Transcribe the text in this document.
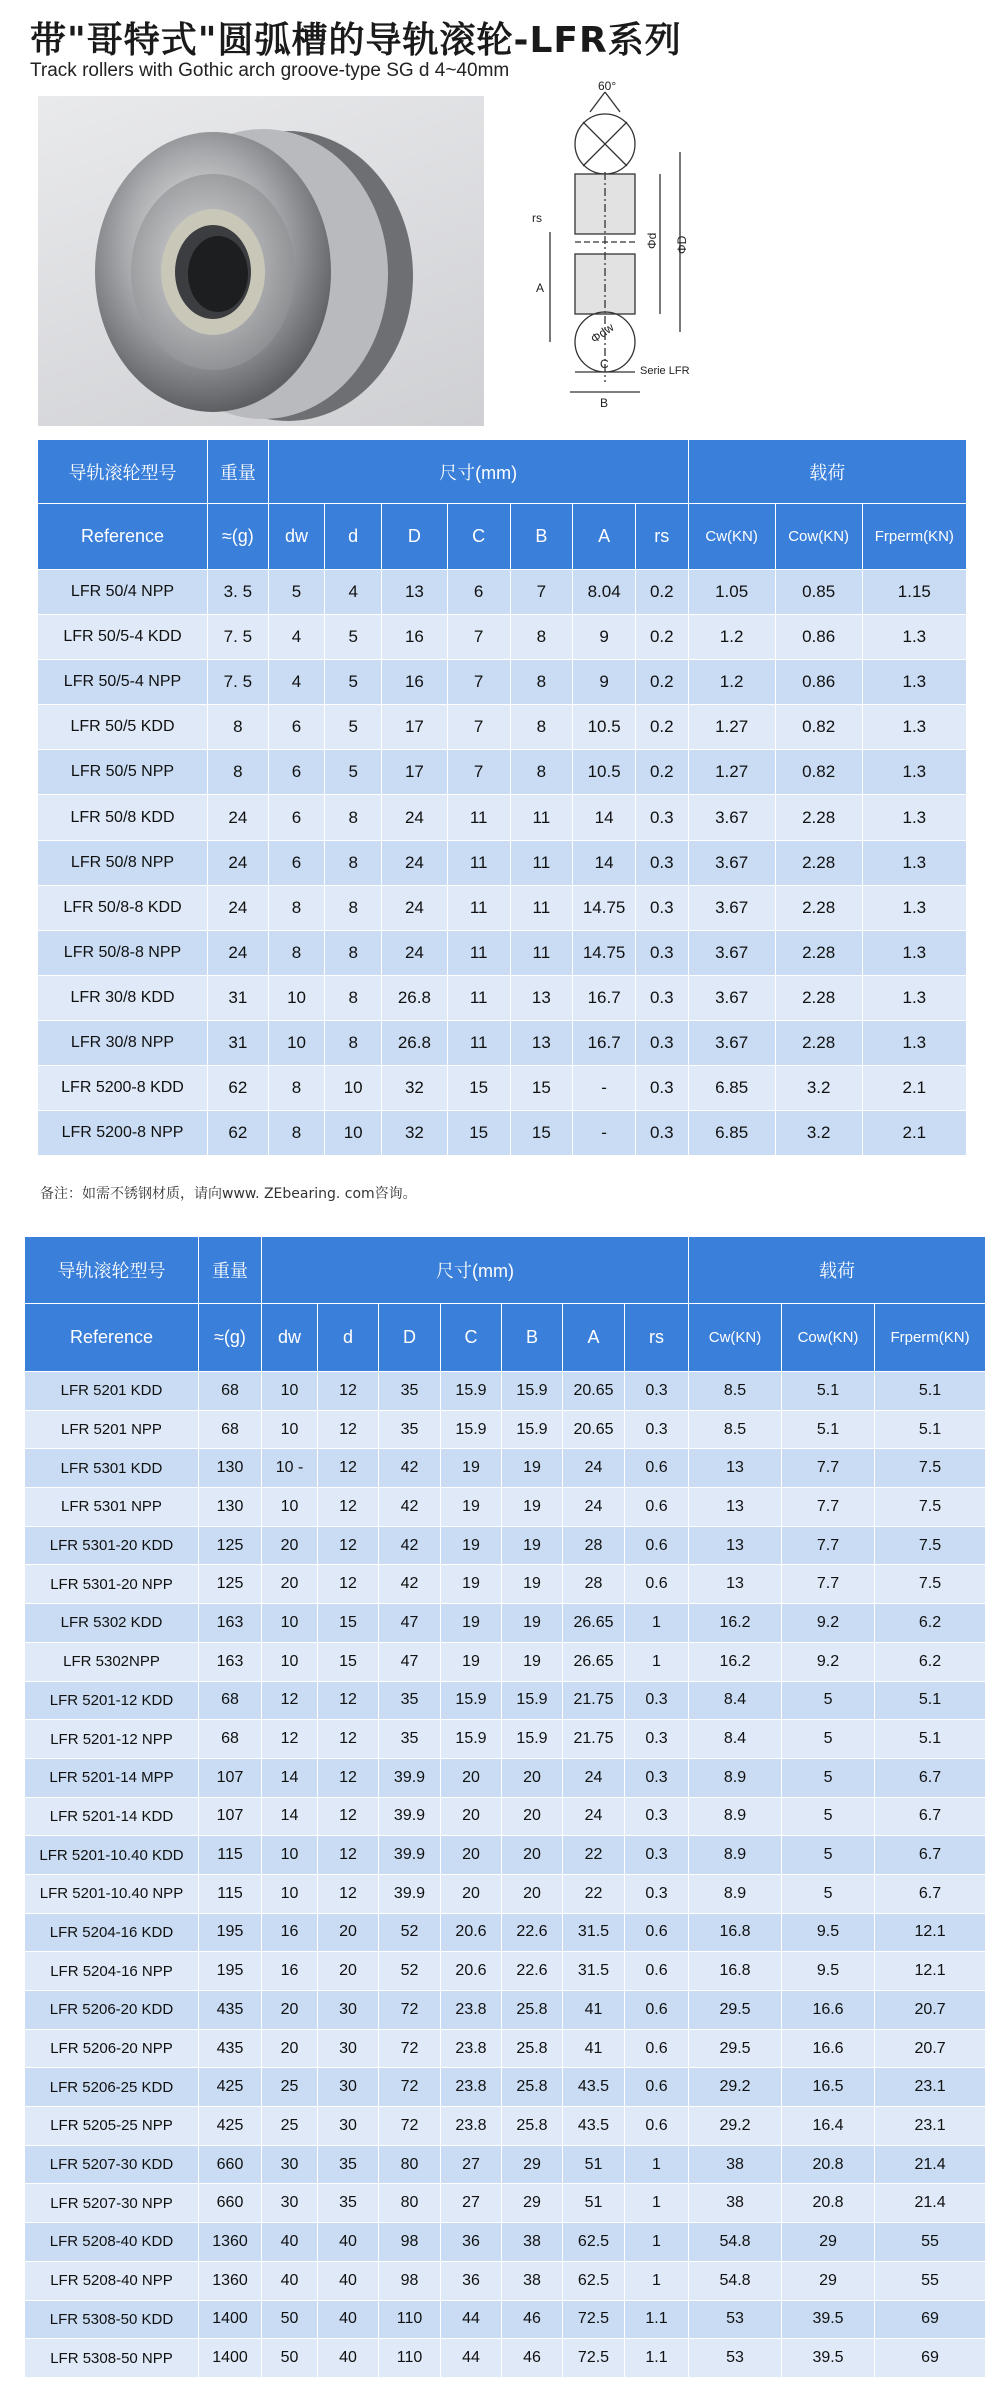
带"哥特式"圆弧槽的导轨滚轮-LFR系列
Track rollers with Gothic arch groove-type SG d 4~40mm
60°
rs
A
Φd ΦD
Φdw
C
B
Serie LFR
导轨滚轮型号	重量	尺寸(mm)							载荷		
Reference	≈(g)	dw	d	D	C	B	A	rs	Cw(KN)	Cow(KN)	Frperm(KN)
LFR 50/4 NPP	3. 5	5	4	13	6	7	8.04	0.2	1.05	0.85	1.15
LFR 50/5-4 KDD	7. 5	4	5	16	7	8	9	0.2	1.2	0.86	1.3
LFR 50/5-4 NPP	7. 5	4	5	16	7	8	9	0.2	1.2	0.86	1.3
LFR 50/5 KDD	8	6	5	17	7	8	10.5	0.2	1.27	0.82	1.3
LFR 50/5 NPP	8	6	5	17	7	8	10.5	0.2	1.27	0.82	1.3
LFR 50/8 KDD	24	6	8	24	11	11	14	0.3	3.67	2.28	1.3
LFR 50/8 NPP	24	6	8	24	11	11	14	0.3	3.67	2.28	1.3
LFR 50/8-8 KDD	24	8	8	24	11	11	14.75	0.3	3.67	2.28	1.3
LFR 50/8-8 NPP	24	8	8	24	11	11	14.75	0.3	3.67	2.28	1.3
LFR 30/8 KDD	31	10	8	26.8	11	13	16.7	0.3	3.67	2.28	1.3
LFR 30/8 NPP	31	10	8	26.8	11	13	16.7	0.3	3.67	2.28	1.3
LFR 5200-8 KDD	62	8	10	32	15	15	-	0.3	6.85	3.2	2.1
LFR 5200-8 NPP	62	8	10	32	15	15	-	0.3	6.85	3.2	2.1
备注：如需不锈钢材质，请向www. ZEbearing. com咨询。
导轨滚轮型号	重量	尺寸(mm)							载荷		
Reference	≈(g)	dw	d	D	C	B	A	rs	Cw(KN)	Cow(KN)	Frperm(KN)
LFR 5201 KDD	68	10	12	35	15.9	15.9	20.65	0.3	8.5	5.1	5.1
LFR 5201 NPP	68	10	12	35	15.9	15.9	20.65	0.3	8.5	5.1	5.1
LFR 5301 KDD	130	10 -	12	42	19	19	24	0.6	13	7.7	7.5
LFR 5301 NPP	130	10	12	42	19	19	24	0.6	13	7.7	7.5
LFR 5301-20 KDD	125	20	12	42	19	19	28	0.6	13	7.7	7.5
LFR 5301-20 NPP	125	20	12	42	19	19	28	0.6	13	7.7	7.5
LFR 5302 KDD	163	10	15	47	19	19	26.65	1	16.2	9.2	6.2
LFR 5302NPP	163	10	15	47	19	19	26.65	1	16.2	9.2	6.2
LFR 5201-12 KDD	68	12	12	35	15.9	15.9	21.75	0.3	8.4	5	5.1
LFR 5201-12 NPP	68	12	12	35	15.9	15.9	21.75	0.3	8.4	5	5.1
LFR 5201-14 MPP	107	14	12	39.9	20	20	24	0.3	8.9	5	6.7
LFR 5201-14 KDD	107	14	12	39.9	20	20	24	0.3	8.9	5	6.7
LFR 5201-10.40 KDD	115	10	12	39.9	20	20	22	0.3	8.9	5	6.7
LFR 5201-10.40 NPP	115	10	12	39.9	20	20	22	0.3	8.9	5	6.7
LFR 5204-16 KDD	195	16	20	52	20.6	22.6	31.5	0.6	16.8	9.5	12.1
LFR 5204-16 NPP	195	16	20	52	20.6	22.6	31.5	0.6	16.8	9.5	12.1
LFR 5206-20 KDD	435	20	30	72	23.8	25.8	41	0.6	29.5	16.6	20.7
LFR 5206-20 NPP	435	20	30	72	23.8	25.8	41	0.6	29.5	16.6	20.7
LFR 5206-25 KDD	425	25	30	72	23.8	25.8	43.5	0.6	29.2	16.5	23.1
LFR 5205-25 NPP	425	25	30	72	23.8	25.8	43.5	0.6	29.2	16.4	23.1
LFR 5207-30 KDD	660	30	35	80	27	29	51	1	38	20.8	21.4
LFR 5207-30 NPP	660	30	35	80	27	29	51	1	38	20.8	21.4
LFR 5208-40 KDD	1360	40	40	98	36	38	62.5	1	54.8	29	55
LFR 5208-40 NPP	1360	40	40	98	36	38	62.5	1	54.8	29	55
LFR 5308-50 KDD	1400	50	40	110	44	46	72.5	1.1	53	39.5	69
LFR 5308-50 NPP	1400	50	40	110	44	46	72.5	1.1	53	39.5	69
